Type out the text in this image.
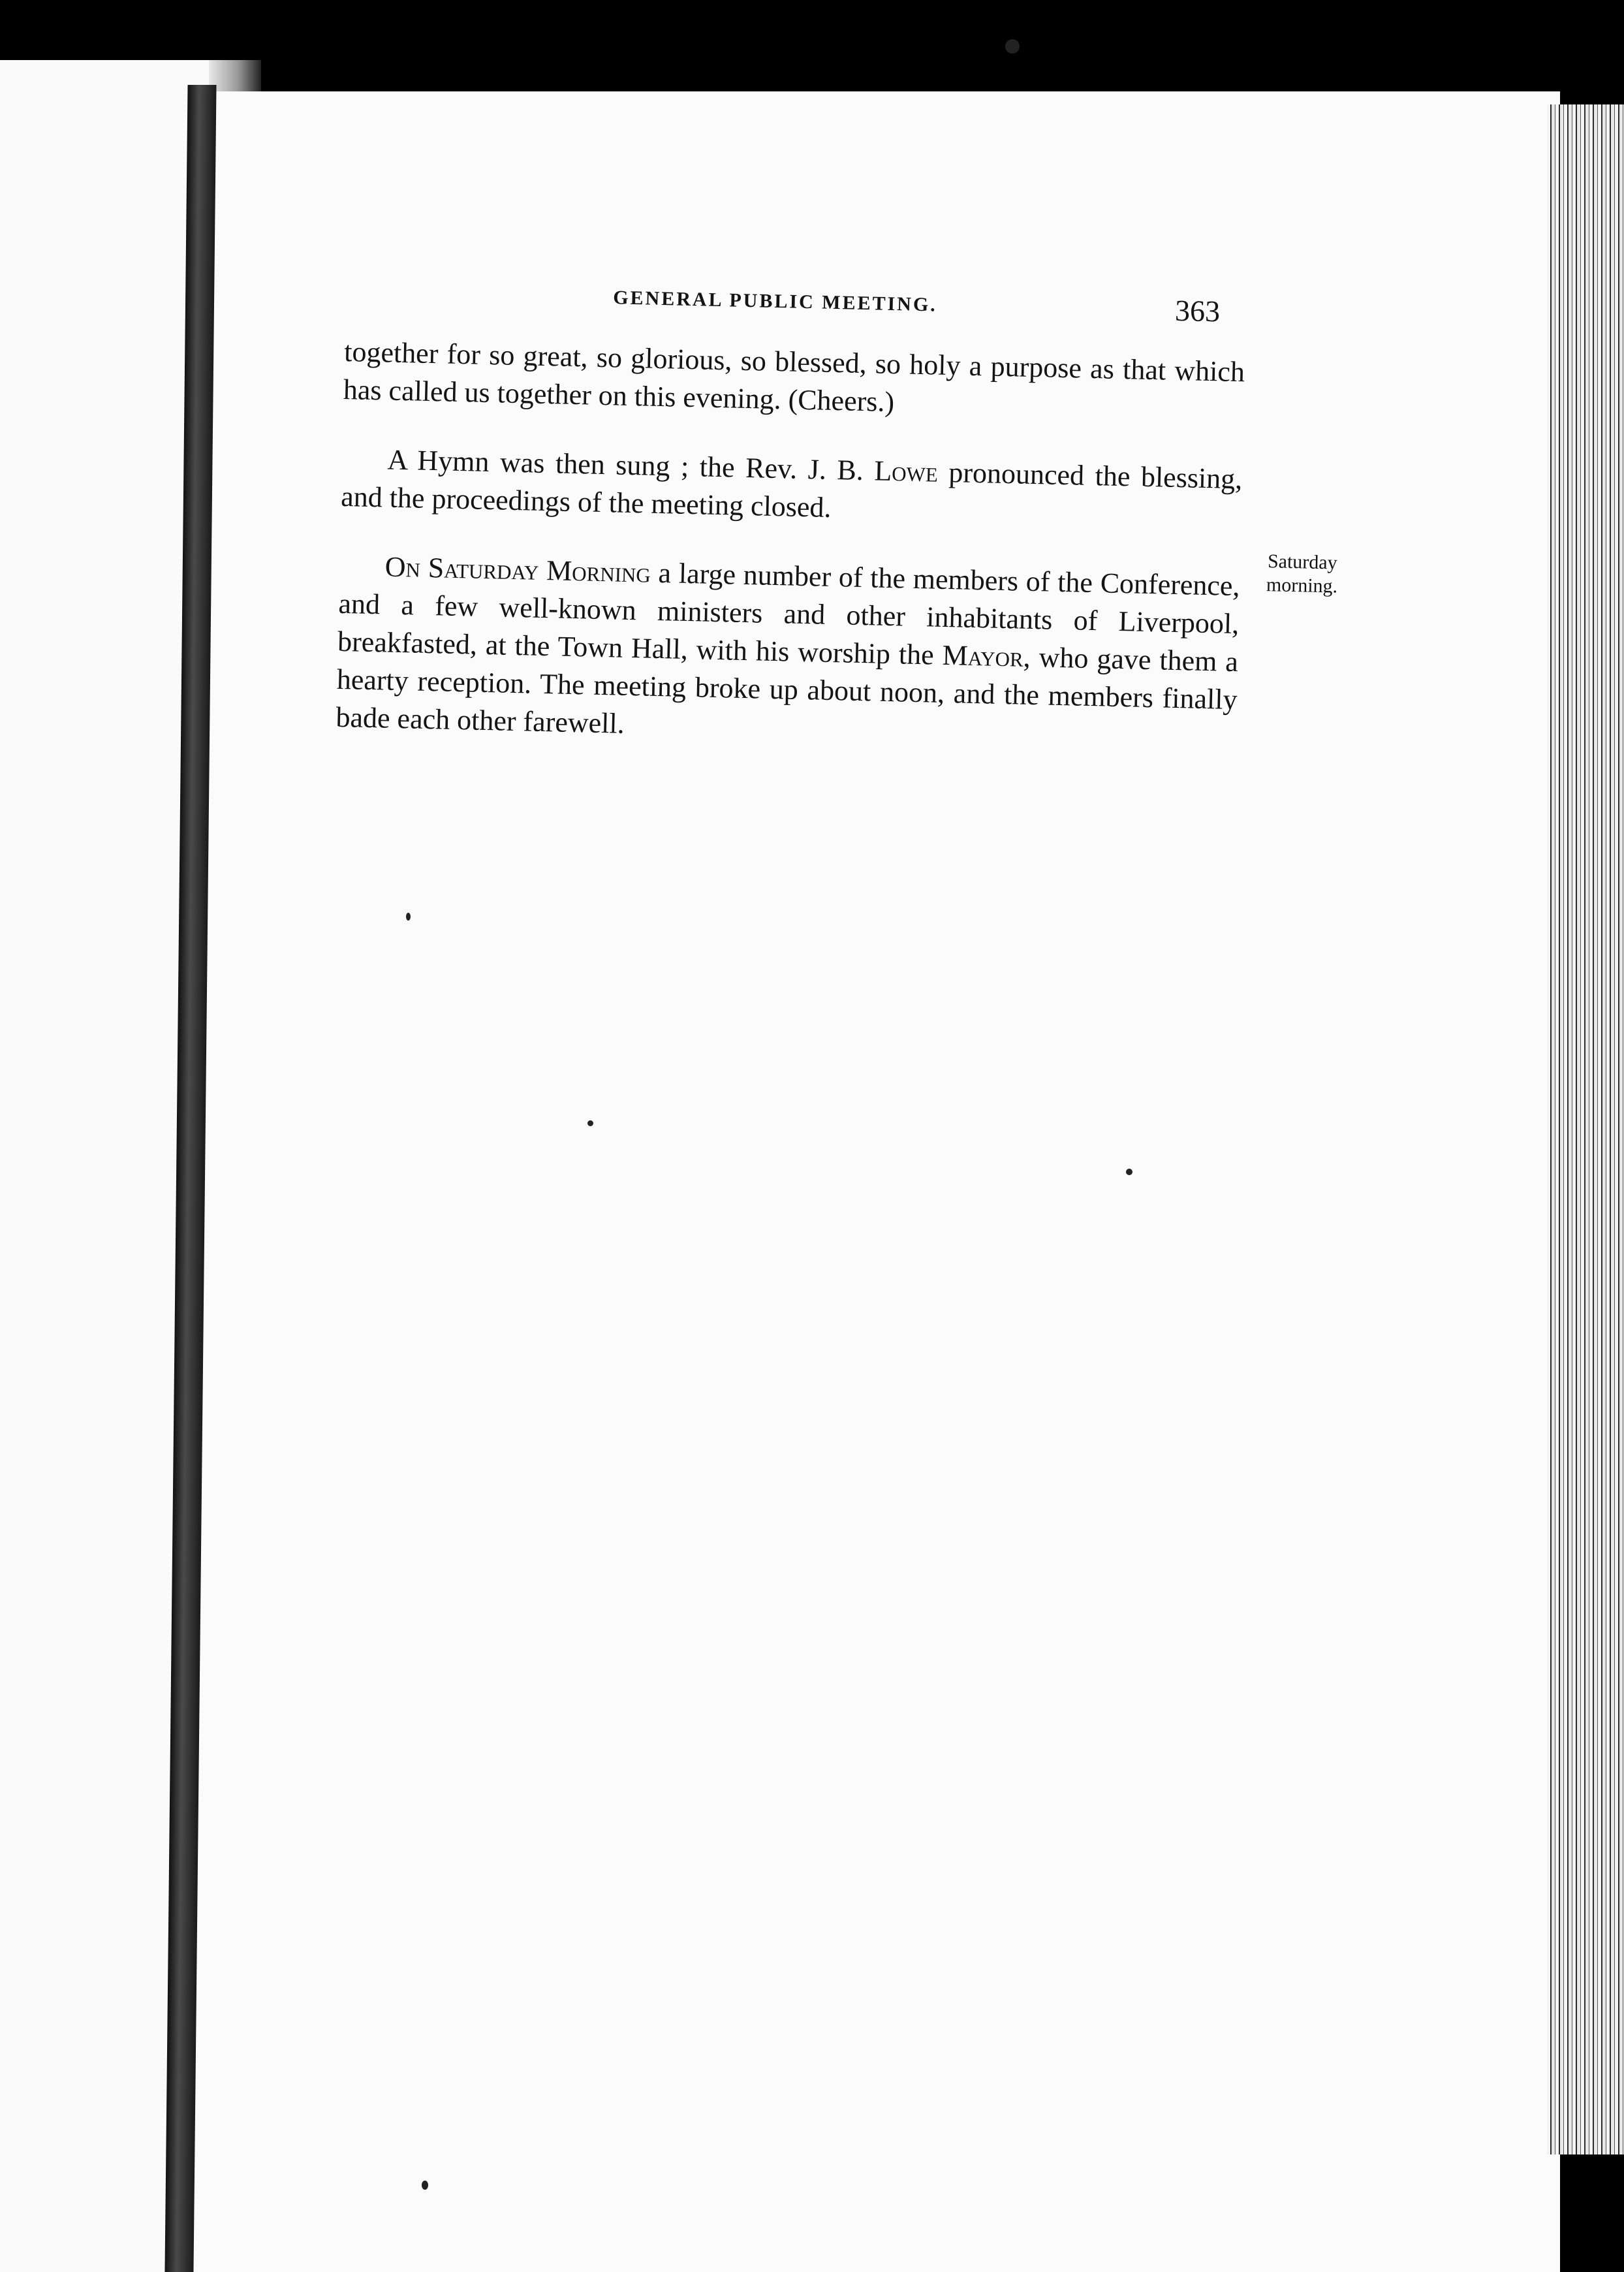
GENERAL PUBLIC MEETING.	363

together for so great, so glorious, so blessed, so holy a purpose as that which has called us together on this evening. (Cheers.)

A Hymn was then sung ; the Rev. J. B. Lowe pronounced the blessing, and the proceedings of the meeting closed.

On Saturday Morning a large number of the members of the Conference, and a few well-known ministers and other inhabitants of Liverpool, breakfasted, at the Town Hall, with his worship the Mayor, who gave them a hearty reception. The meeting broke up about noon, and the members finally bade each other farewell.

Saturday
morning.
